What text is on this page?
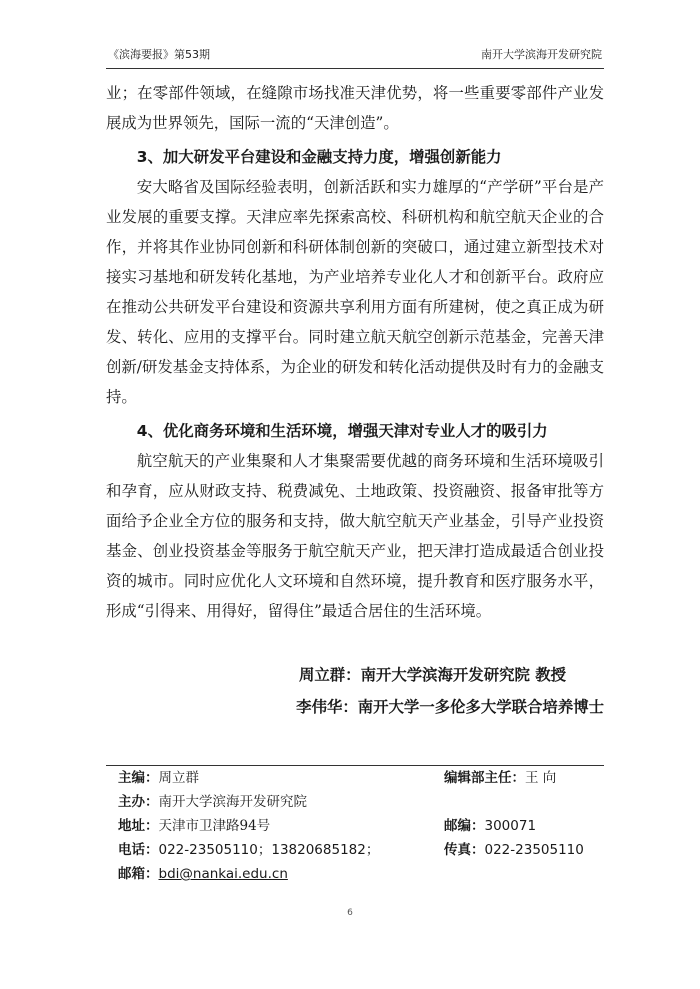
《滨海要报》第53期	南开大学滨海开发研究院

业；在零部件领域，在缝隙市场找准天津优势，将一些重要零部件产业发展成为世界领先，国际一流的“天津创造”。

3、加大研发平台建设和金融支持力度，增强创新能力

安大略省及国际经验表明，创新活跃和实力雄厚的“产学研”平台是产业发展的重要支撑。天津应率先探索高校、科研机构和航空航天企业的合作，并将其作业协同创新和科研体制创新的突破口，通过建立新型技术对接实习基地和研发转化基地，为产业培养专业化人才和创新平台。政府应在推动公共研发平台建设和资源共享利用方面有所建树，使之真正成为研发、转化、应用的支撑平台。同时建立航天航空创新示范基金，完善天津创新/研发基金支持体系，为企业的研发和转化活动提供及时有力的金融支持。

4、优化商务环境和生活环境，增强天津对专业人才的吸引力

航空航天的产业集聚和人才集聚需要优越的商务环境和生活环境吸引和孕育，应从财政支持、税费减免、土地政策、投资融资、报备审批等方面给予企业全方位的服务和支持，做大航空航天产业基金，引导产业投资基金、创业投资基金等服务于航空航天产业，把天津打造成最适合创业投资的城市。同时应优化人文环境和自然环境，提升教育和医疗服务水平，形成“引得来、用得好，留得住”最适合居住的生活环境。

周立群：南开大学滨海开发研究院 教授
李伟华：南开大学一多伦多大学联合培养博士
主编：周立群	编辑部主任：王 向
主办：南开大学滨海开发研究院
地址：天津市卫津路94号	邮编：300071
电话：022-23505110；13820685182；	传真：022-23505110
邮箱：bdi@nankai.edu.cn
6
